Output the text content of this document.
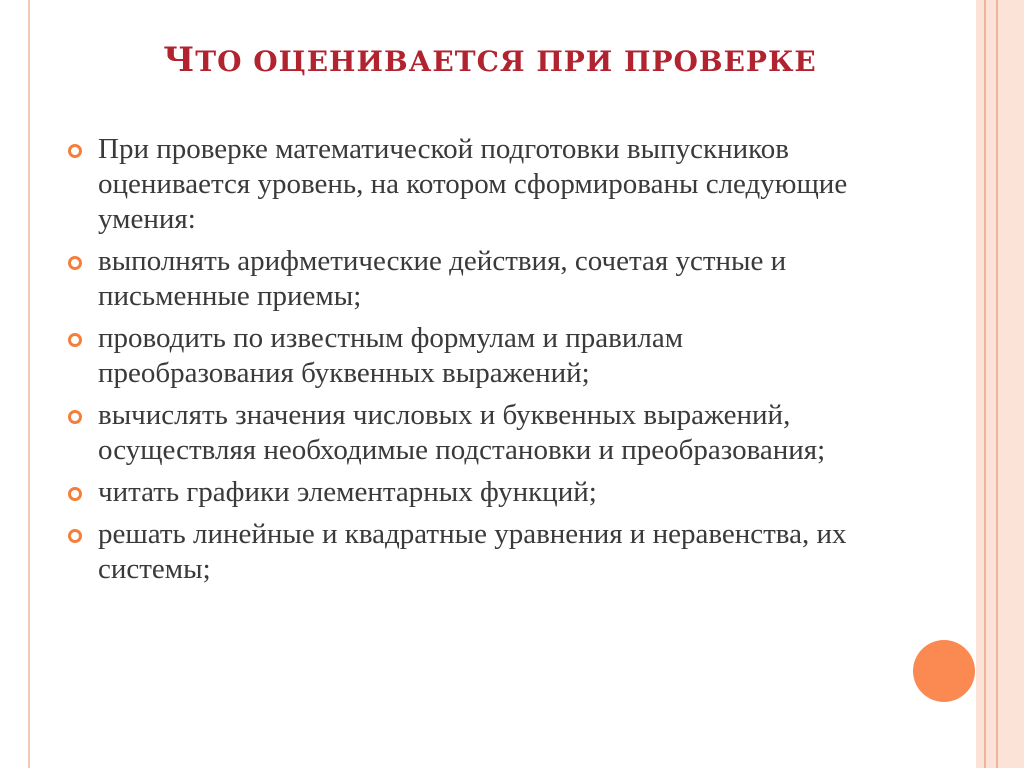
ЧТО ОЦЕНИВАЕТСЯ ПРИ ПРОВЕРКЕ
При проверке математической подготовки выпускников оценивается уровень, на котором сформированы следующие умения:
выполнять арифметические действия, сочетая устные и письменные приемы;
проводить по известным формулам и правилам преобразования буквенных выражений;
вычислять значения числовых и буквенных выражений, осуществляя необходимые подстановки и преобразования;
читать графики элементарных функций;
решать линейные и квадратные уравнения и неравенства, их системы;
